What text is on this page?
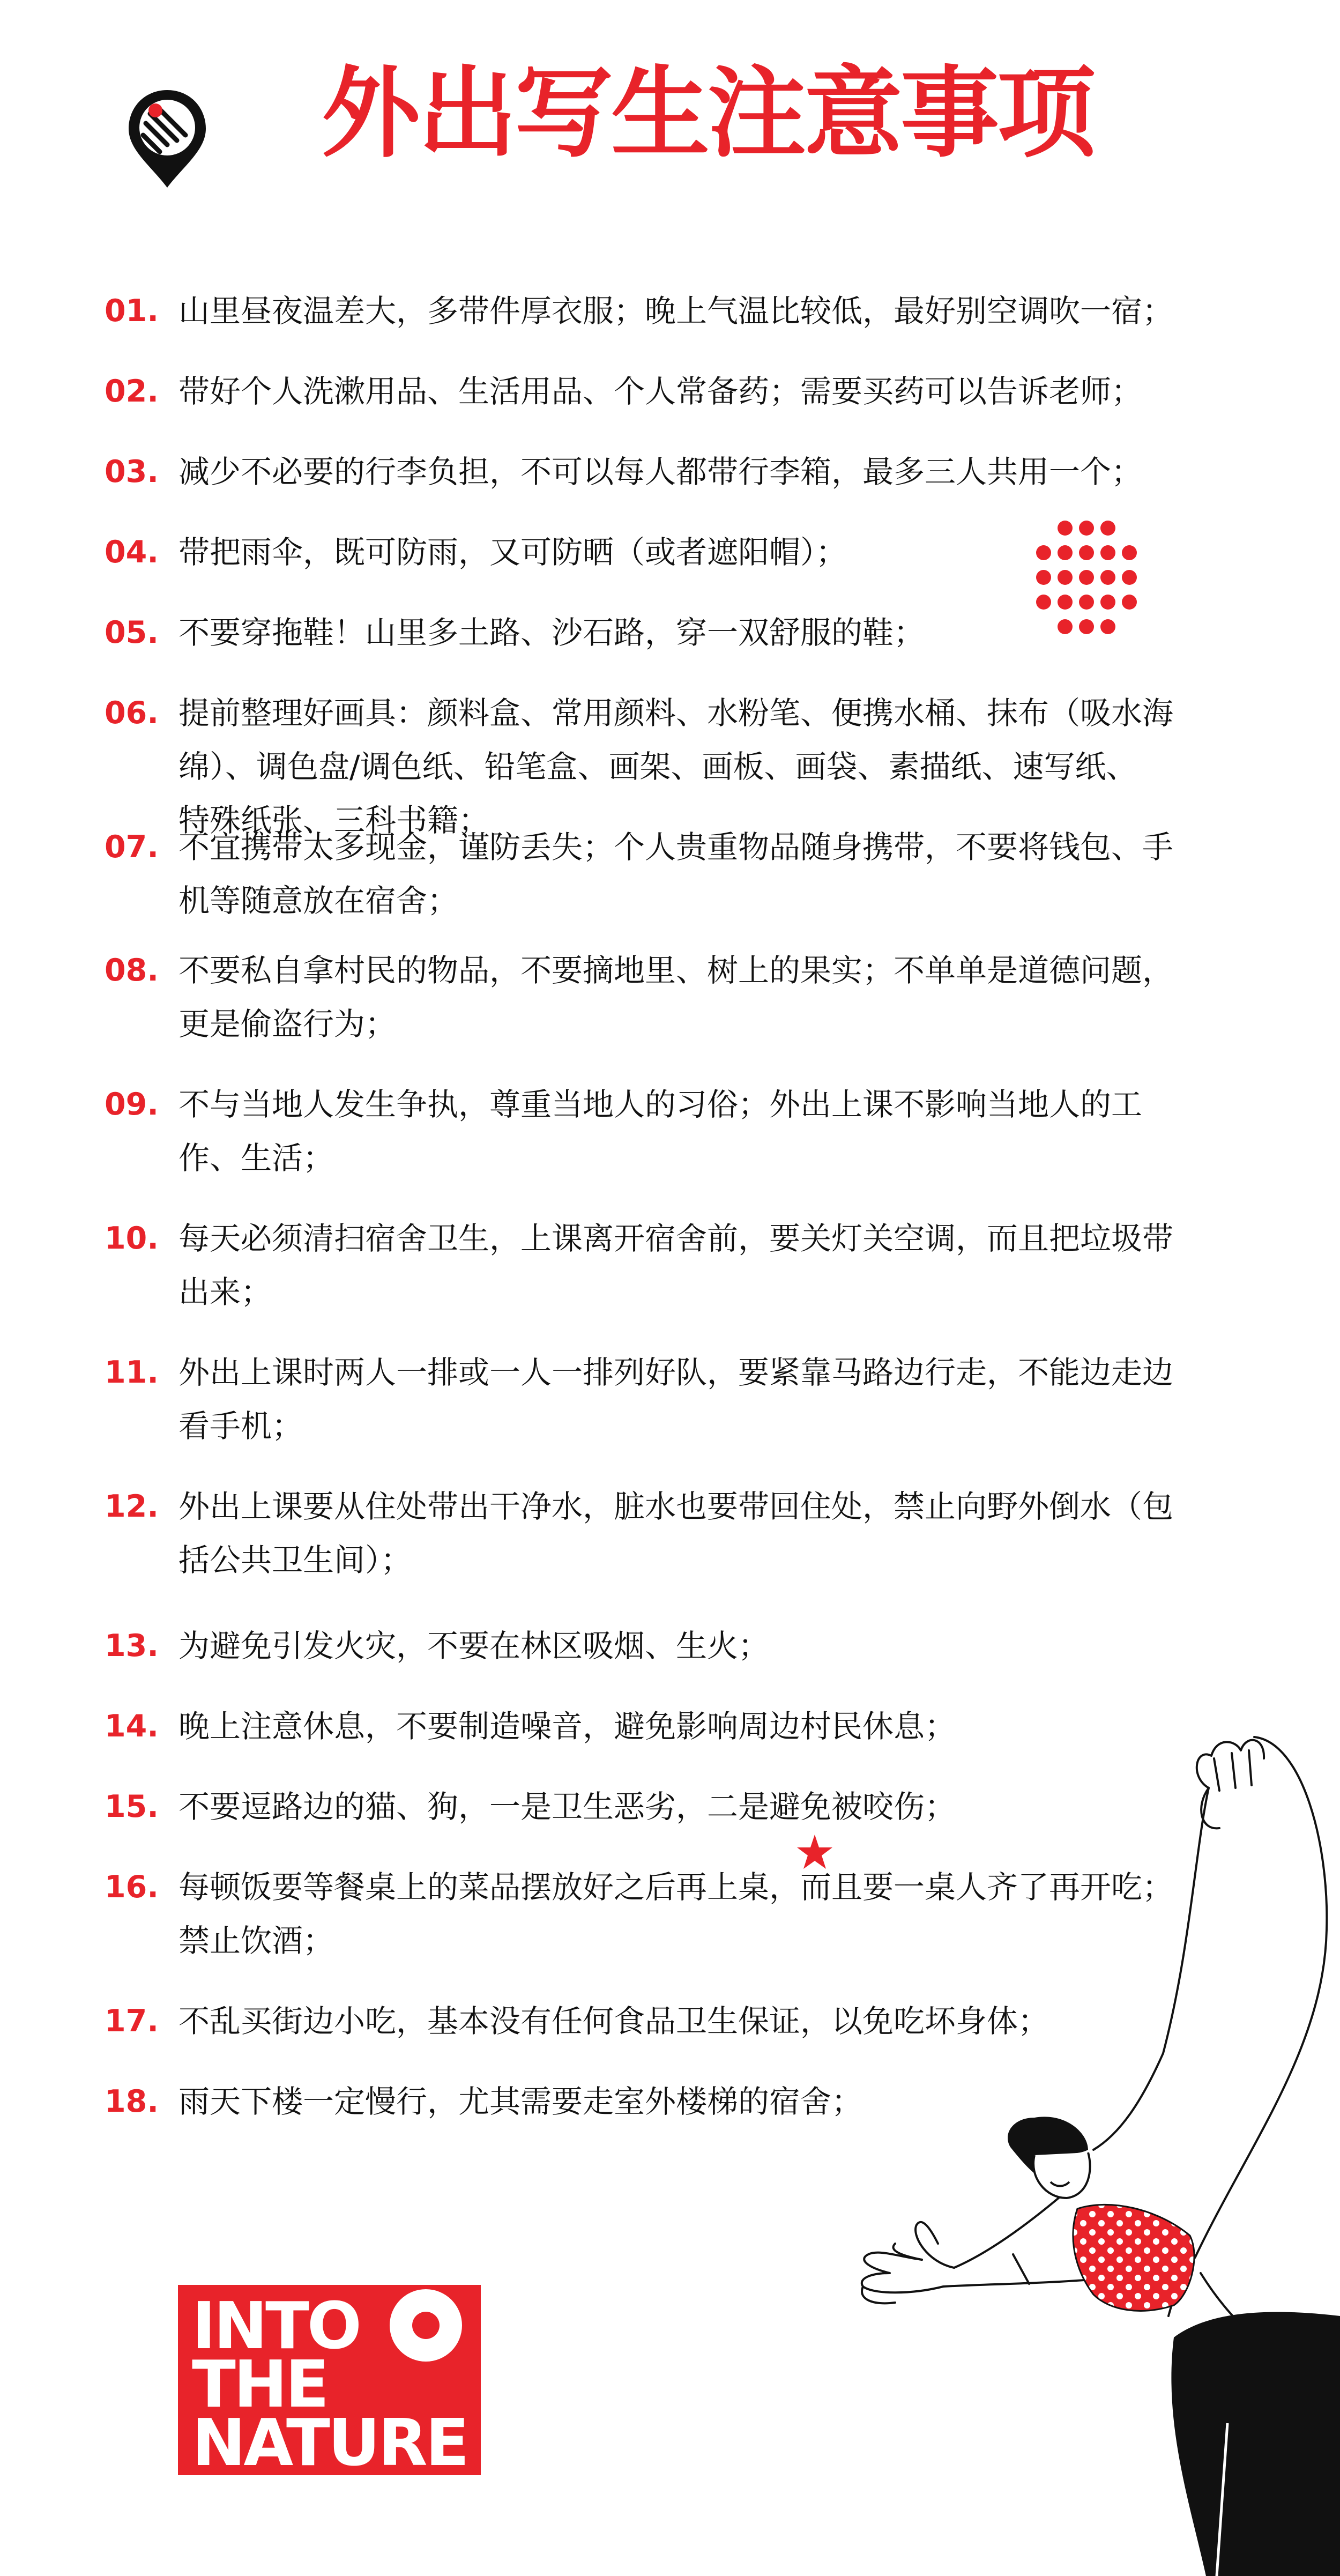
外出写生注意事项
01. 山里昼夜温差大，多带件厚衣服；晚上气温比较低，最好别空调吹一宿；
02. 带好个人洗漱用品、生活用品、个人常备药；需要买药可以告诉老师；
03. 减少不必要的行李负担，不可以每人都带行李箱，最多三人共用一个；
04. 带把雨伞，既可防雨，又可防晒（或者遮阳帽）；
05. 不要穿拖鞋！山里多土路、沙石路，穿一双舒服的鞋；
06. 提前整理好画具：颜料盒、常用颜料、水粉笔、便携水桶、抹布（吸水海
绵）、调色盘/调色纸、铅笔盒、画架、画板、画袋、素描纸、速写纸、
特殊纸张、三科书籍；
07. 不宜携带太多现金，谨防丢失；个人贵重物品随身携带，不要将钱包、手
机等随意放在宿舍；
08. 不要私自拿村民的物品，不要摘地里、树上的果实；不单单是道德问题，
更是偷盗行为；
09. 不与当地人发生争执，尊重当地人的习俗；外出上课不影响当地人的工
作、生活；
10. 每天必须清扫宿舍卫生，上课离开宿舍前，要关灯关空调，而且把垃圾带
出来；
11. 外出上课时两人一排或一人一排列好队，要紧靠马路边行走，不能边走边
看手机；
12. 外出上课要从住处带出干净水，脏水也要带回住处，禁止向野外倒水（包
括公共卫生间）；
13. 为避免引发火灾，不要在林区吸烟、生火；
14. 晚上注意休息，不要制造噪音，避免影响周边村民休息；
15. 不要逗路边的猫、狗，一是卫生恶劣，二是避免被咬伤；
16. 每顿饭要等餐桌上的菜品摆放好之后再上桌，而且要一桌人齐了再开吃；
禁止饮酒；
17. 不乱买街边小吃，基本没有任何食品卫生保证，以免吃坏身体；
18. 雨天下楼一定慢行，尤其需要走室外楼梯的宿舍；
INTO
THE
NATURE
